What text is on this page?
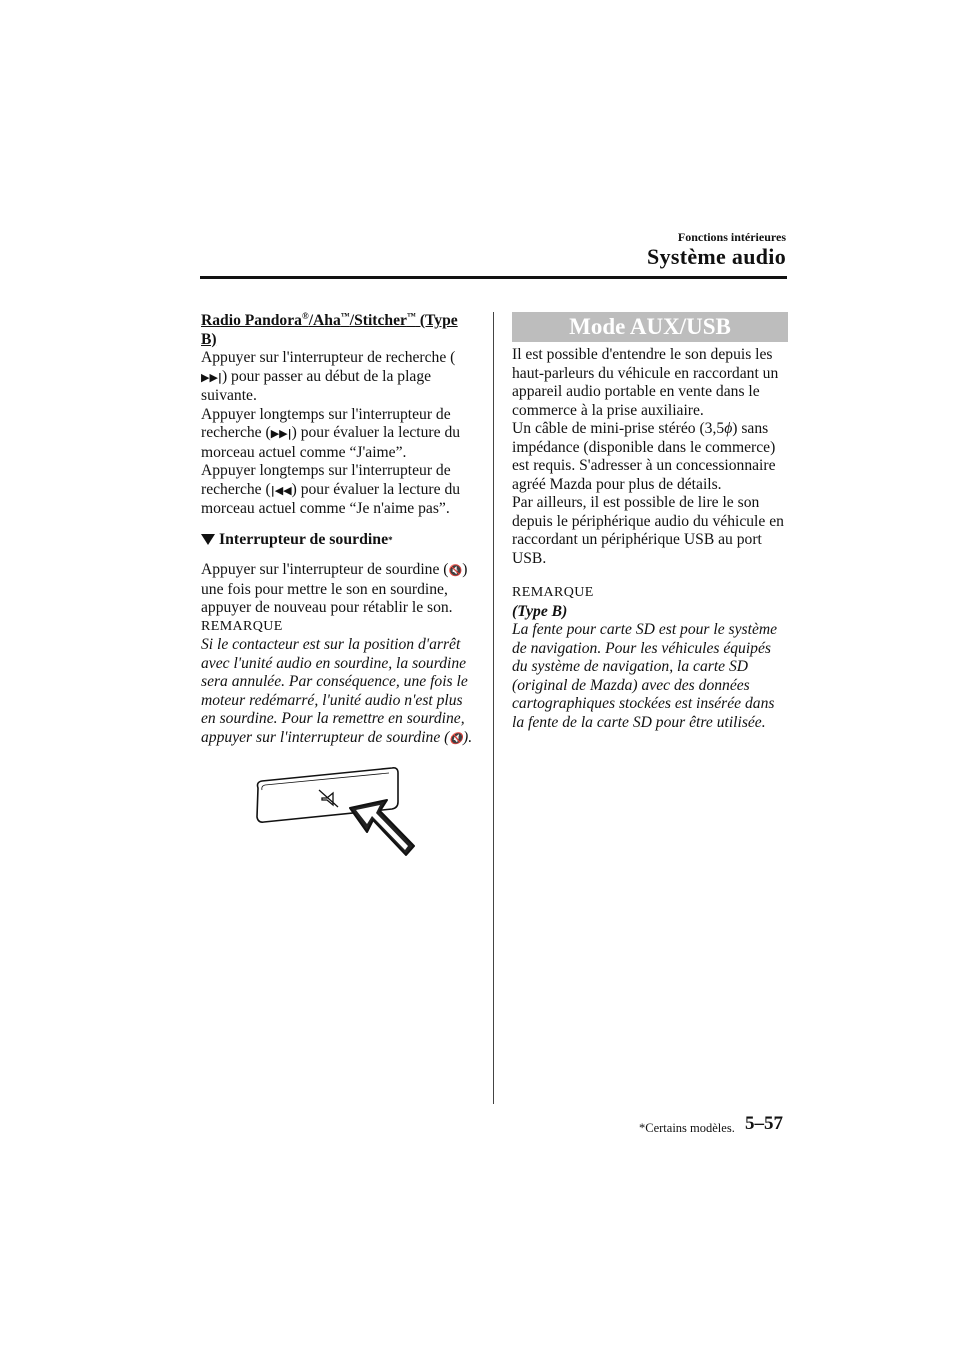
Fonctions intérieures
Système audio

Radio Pandora®/Aha™/Stitcher™ (Type B)

Appuyer sur l'interrupteur de recherche (▶▶|) pour passer au début de la plage suivante.

Appuyer longtemps sur l'interrupteur de recherche (▶▶|) pour évaluer la lecture du morceau actuel comme “J'aime”.

Appuyer longtemps sur l'interrupteur de recherche (|◀◀) pour évaluer la lecture du morceau actuel comme “Je n'aime pas”.

Interrupteur de sourdine *

Appuyer sur l'interrupteur de sourdine (🔇) une fois pour mettre le son en sourdine, appuyer de nouveau pour rétablir le son.

REMARQUE

Si le contacteur est sur la position d'arrêt avec l'unité audio en sourdine, la sourdine sera annulée. Par conséquence, une fois le moteur redémarré, l'unité audio n'est plus en sourdine. Pour la remettre en sourdine, appuyer sur l'interrupteur de sourdine (🔇).

Mode AUX/USB

Il est possible d'entendre le son depuis les haut-parleurs du véhicule en raccordant un appareil audio portable en vente dans le commerce à la prise auxiliaire.

Un câble de mini-prise stéréo (3,5ϕ) sans impédance (disponible dans le commerce) est requis. S'adresser à un concessionnaire agréé Mazda pour plus de détails.

Par ailleurs, il est possible de lire le son depuis le périphérique audio du véhicule en raccordant un périphérique USB au port USB.

REMARQUE

(Type B)

La fente pour carte SD est pour le système de navigation. Pour les véhicules équipés du système de navigation, la carte SD (original de Mazda) avec des données cartographiques stockées est insérée dans la fente de la carte SD pour être utilisée.

*Certains modèles. 5–57
